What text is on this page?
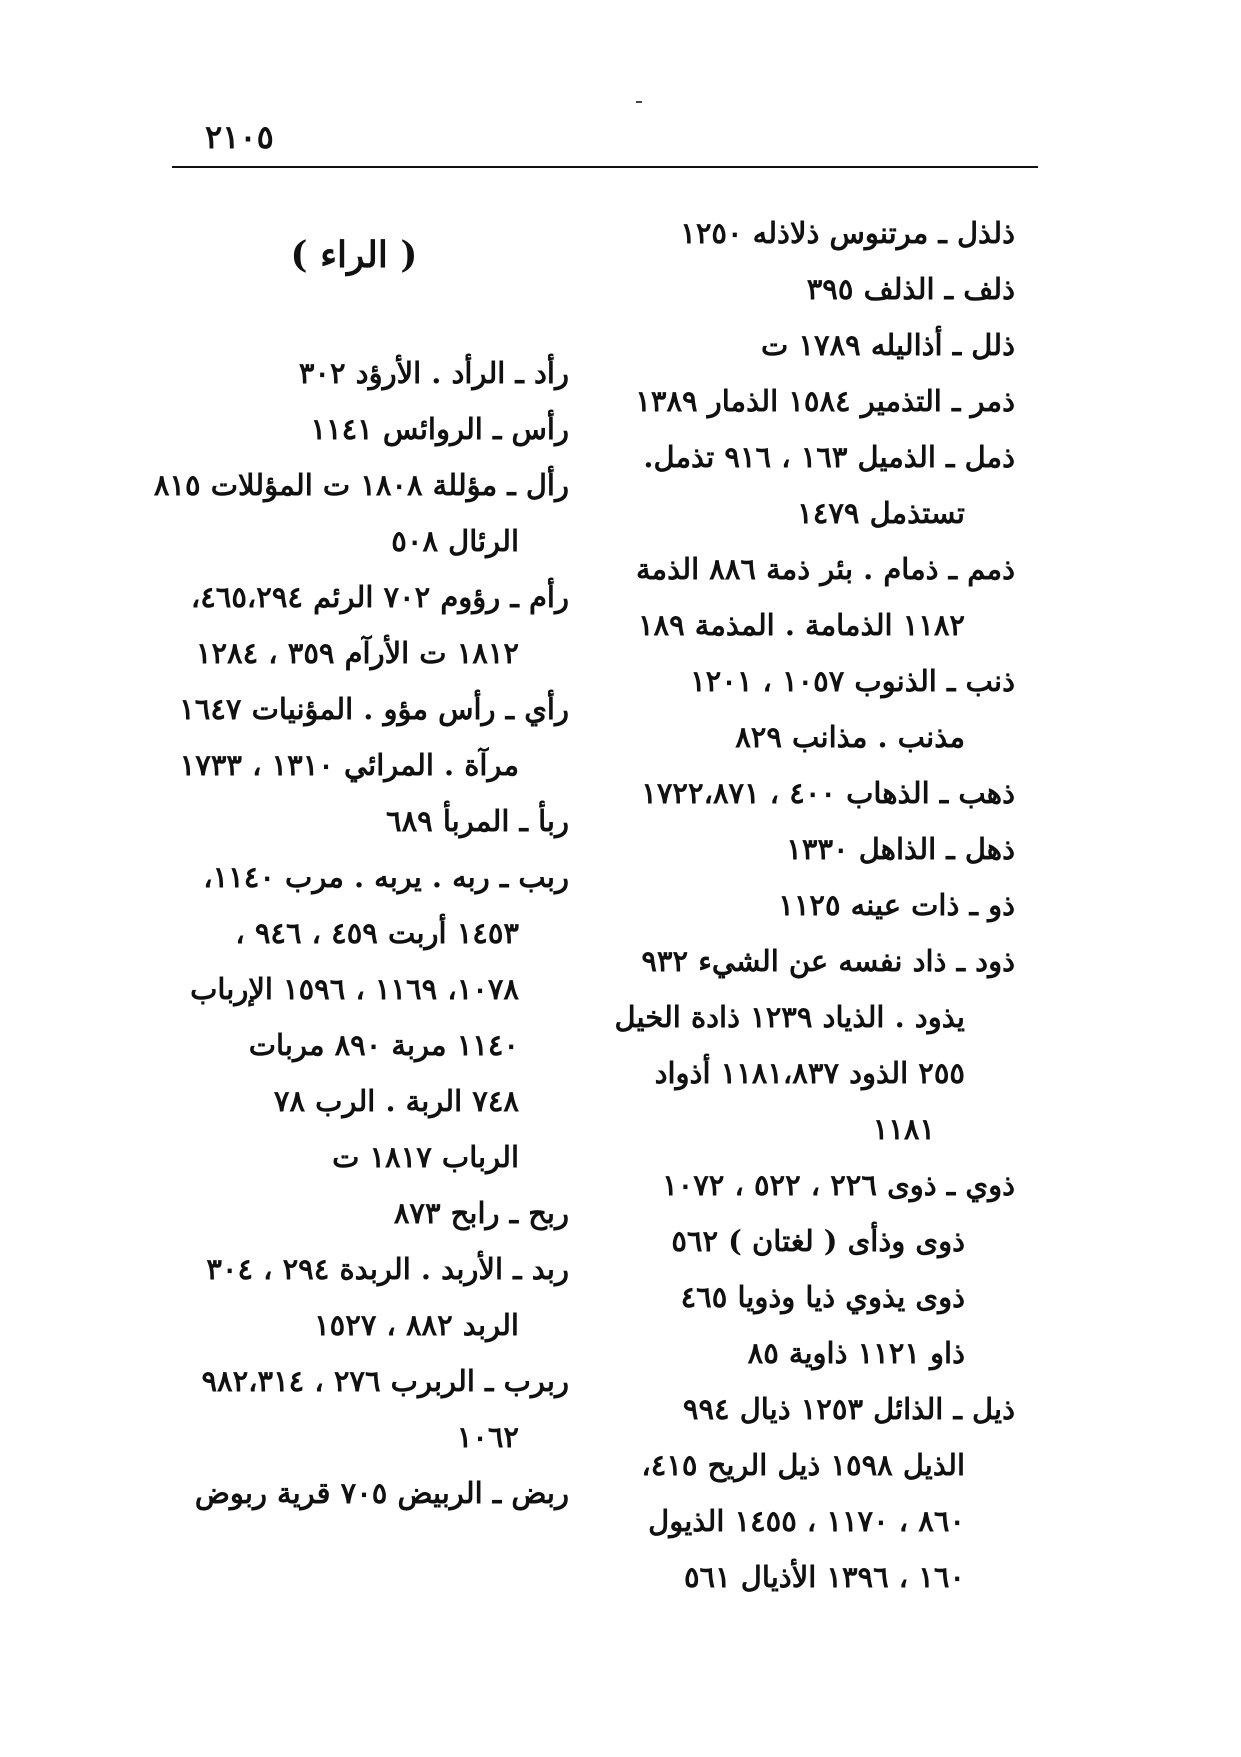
٢١٠٥
ذلذل ـ مرتنوس ذلاذله ١٢٥٠
ذلف ـ الذلف ٣٩٥
ذلل ـ أذاليله ١٧٨٩ ت
ذمر ـ التذمير ١٥٨٤ الذمار ١٣٨٩
ذمل ـ الذميل ١٦٣ ، ٩١٦ تذمل.
تستذمل ١٤٧٩
ذمم ـ ذمام . بئر ذمة ٨٨٦ الذمة
١١٨٢ الذمامة . المذمة ١٨٩
ذنب ـ الذنوب ١٠٥٧ ، ١٢٠١
مذنب . مذانب ٨٢٩
ذهب ـ الذهاب ٤٠٠ ، ١٧٢٢،٨٧١
ذهل ـ الذاهل ١٣٣٠
ذو ـ ذات عينه ١١٢٥
ذود ـ ذاد نفسه عن الشيء ٩٣٢
يذود . الذياد ١٢٣٩ ذادة الخيل
٢٥٥ الذود ١١٨١،٨٣٧ أذواد
١١٨١
ذوي ـ ذوى ٢٢٦ ، ٥٢٢ ، ١٠٧٢
ذوى وذأى ( لغتان ) ٥٦٢
ذوى يذوي ذيا وذويا ٤٦٥
ذاو ١١٢١ ذاوية ٨٥
ذيل ـ الذائل ١٢٥٣ ذيال ٩٩٤
الذيل ١٥٩٨ ذيل الريح ٤١٥،
٨٦٠ ، ١١٧٠ ، ١٤٥٥ الذيول
١٦٠ ، ١٣٩٦ الأذيال ٥٦١
( الراء )
رأد ـ الرأد . الأرؤد ٣٠٢
رأس ـ الروائس ١١٤١
رأل ـ مؤللة ١٨٠٨ ت المؤللات ٨١٥
الرئال ٥٠٨
رأم ـ رؤوم ٧٠٢ الرئم ٤٦٥،٢٩٤،
١٨١٢ ت الأرآم ٣٥٩ ، ١٢٨٤
رأي ـ رأس مؤو . المؤنيات ١٦٤٧
مرآة . المرائي ١٣١٠ ، ١٧٣٣
ربأ ـ المربأ ٦٨٩
ربب ـ ربه . يربه . مرب ١١٤٠،
١٤٥٣ أربت ٤٥٩ ، ٩٤٦ ،
١٠٧٨، ١١٦٩ ، ١٥٩٦ الإرباب
١١٤٠ مربة ٨٩٠ مربات
٧٤٨ الربة . الرب ٧٨
الرباب ١٨١٧ ت
ربح ـ رابح ٨٧٣
ربد ـ الأربد . الربدة ٢٩٤ ، ٣٠٤
الربد ٨٨٢ ، ١٥٢٧
ربرب ـ الربرب ٢٧٦ ، ٩٨٢،٣١٤
١٠٦٢
ربض ـ الربيض ٧٠٥ قرية ربوض
